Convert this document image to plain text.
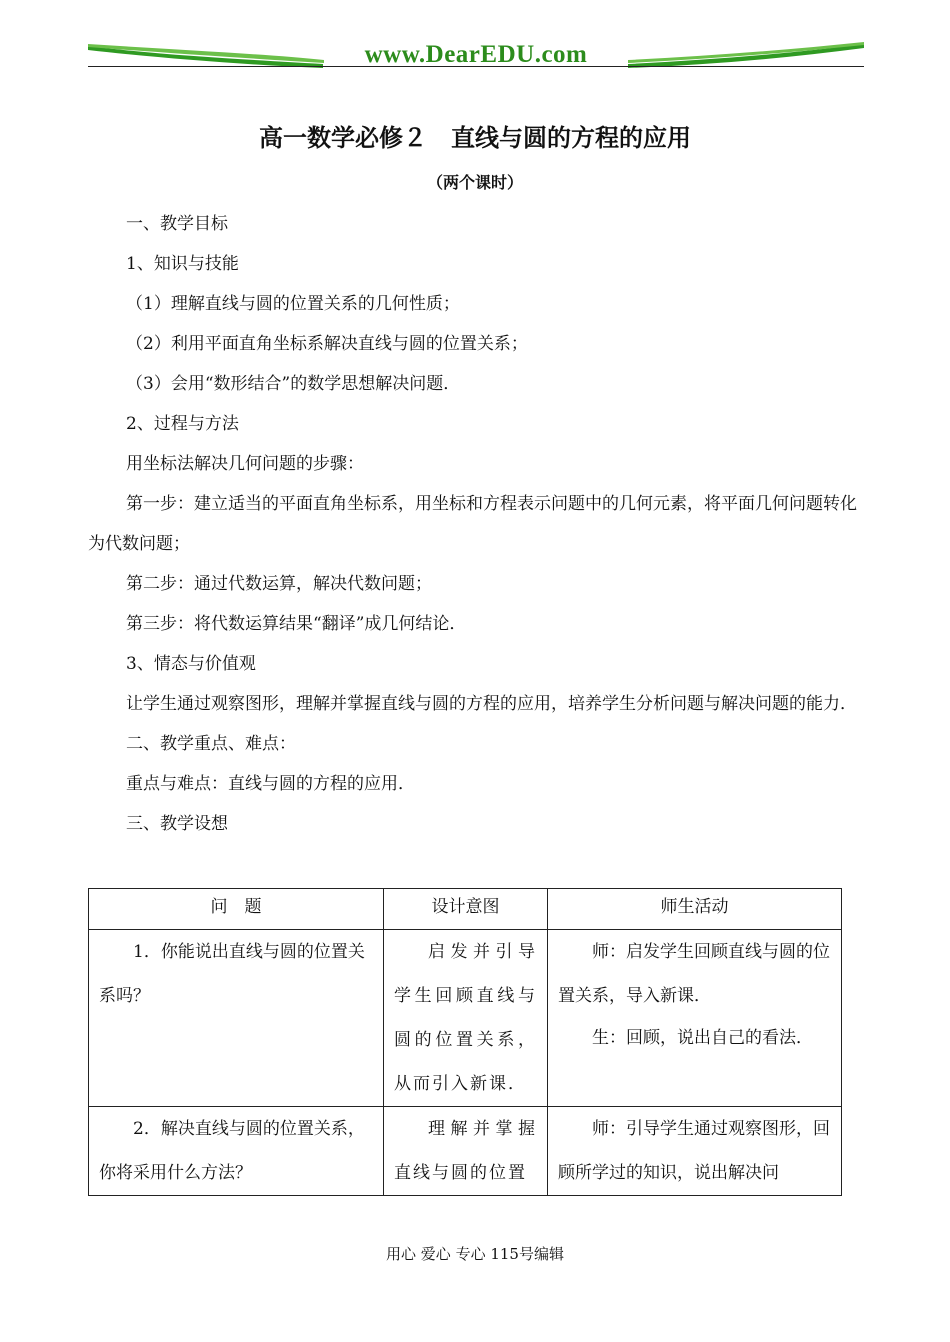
www.DearEDU.com
高一数学必修２　直线与圆的方程的应用
（两个课时）

一、教学目标

1、知识与技能

（1）理解直线与圆的位置关系的几何性质；

（2）利用平面直角坐标系解决直线与圆的位置关系；

（3）会用“数形结合”的数学思想解决问题．

2、过程与方法

用坐标法解决几何问题的步骤：

第一步：建立适当的平面直角坐标系，用坐标和方程表示问题中的几何元素，将平面几何问题转化为代数问题；

第二步：通过代数运算，解决代数问题；

第三步：将代数运算结果“翻译”成几何结论．

3、情态与价值观

让学生通过观察图形，理解并掌握直线与圆的方程的应用，培养学生分析问题与解决问题的能力．

二、教学重点、难点：

重点与难点：直线与圆的方程的应用．

三、教学设想

问　题	设计意图	师生活动

1．你能说出直线与圆的位置关系吗？	启发并引导学生回顾直线与圆的位置关系，从而引入新课．	师：启发学生回顾直线与圆的位置关系，导入新课．

生：回顾，说出自己的看法．

2．解决直线与圆的位置关系，你将采用什么方法？	理解并掌握直线与圆的位置	师：引导学生通过观察图形，回顾所学过的知识，说出解决问

用心 爱心 专心 115号编辑
